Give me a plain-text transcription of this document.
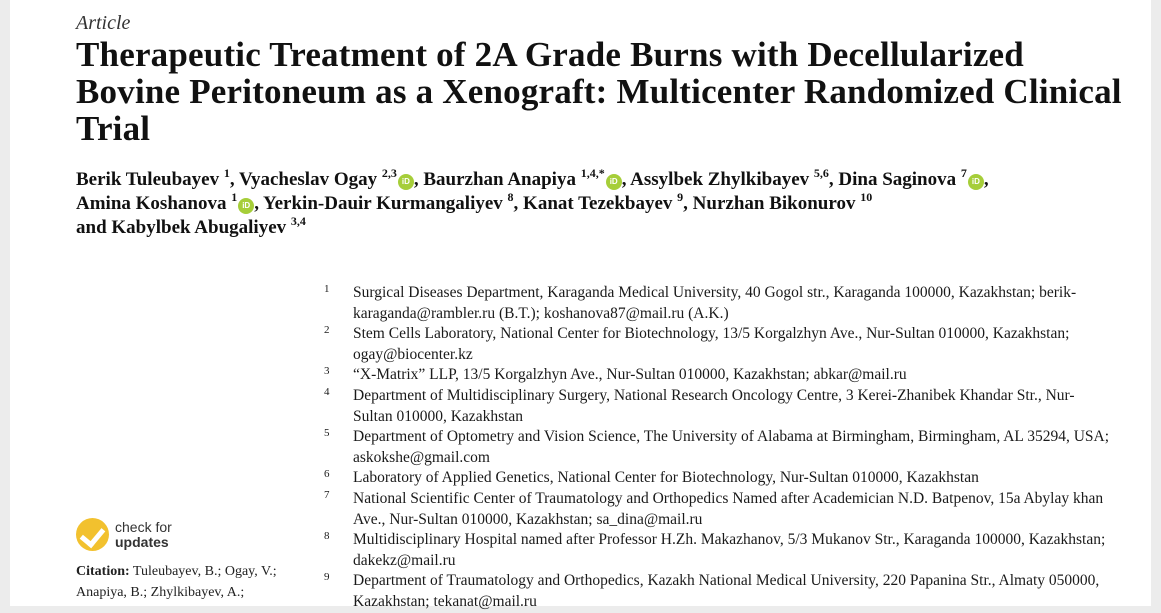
Article
Therapeutic Treatment of 2A Grade Burns with Decellularized Bovine Peritoneum as a Xenograft: Multicenter Randomized Clinical Trial
Berik Tuleubayev $^1$, Vyacheslav Ogay $^{2,3}$iD , Baurzhan Anapiya $^{1,4,*}$iD , Assylbek Zhylkibayev $^{5,6}$, Dina Saginova $^7$iD ,
Amina Koshanova $^1$iD , Yerkin-Dauir Kurmangaliyev $^8$, Kanat Tezekbayev $^9$, Nurzhan Bikonurov $^{10}$
and Kabylbek Abugaliyev $^{3,4}$
1 Surgical Diseases Department, Karaganda Medical University, 40 Gogol str., Karaganda 100000, Kazakhstan; berik-karaganda@rambler.ru (B.T.); koshanova87@mail.ru (A.K.)
2 Stem Cells Laboratory, National Center for Biotechnology, 13/5 Korgalzhyn Ave., Nur-Sultan 010000, Kazakhstan; ogay@biocenter.kz
3 “X-Matrix” LLP, 13/5 Korgalzhyn Ave., Nur-Sultan 010000, Kazakhstan; abkar@mail.ru
4 Department of Multidisciplinary Surgery, National Research Oncology Centre, 3 Kerei-Zhanibek Khandar Str., Nur-Sultan 010000, Kazakhstan
5 Department of Optometry and Vision Science, The University of Alabama at Birmingham, Birmingham, AL 35294, USA; askokshe@gmail.com
6 Laboratory of Applied Genetics, National Center for Biotechnology, Nur-Sultan 010000, Kazakhstan
7 National Scientific Center of Traumatology and Orthopedics Named after Academician N.D. Batpenov, 15a Abylay khan Ave., Nur-Sultan 010000, Kazakhstan; sa_dina@mail.ru
8 Multidisciplinary Hospital named after Professor H.Zh. Makazhanov, 5/3 Mukanov Str., Karaganda 100000, Kazakhstan; dakekz@mail.ru
9 Department of Traumatology and Orthopedics, Kazakh National Medical University, 220 Papanina Str., Almaty 050000, Kazakhstan; tekanat@mail.ru
check for
updates
Citation: Tuleubayev, B.; Ogay, V.;
Anapiya, B.; Zhylkibayev, A.;
